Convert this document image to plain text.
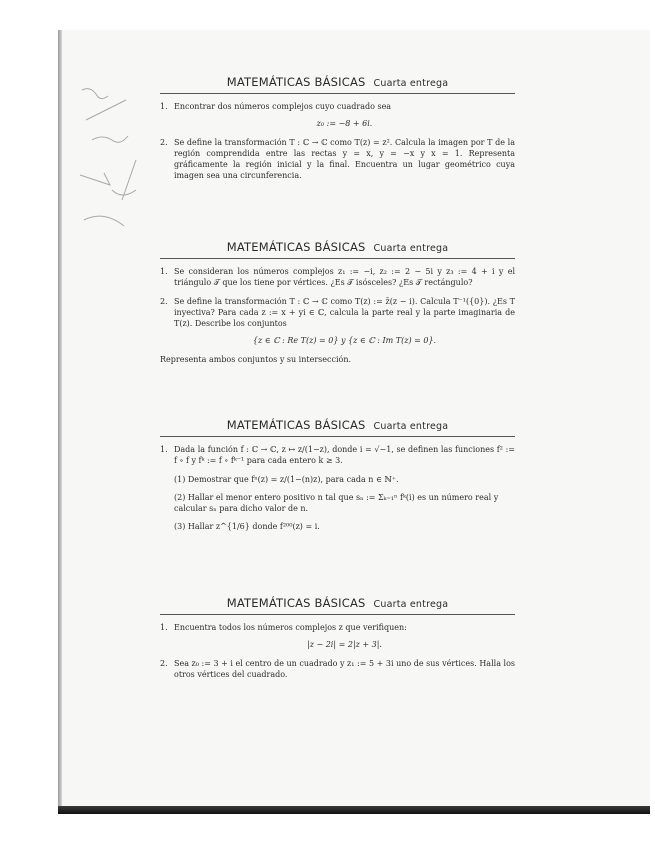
MATEMÁTICAS BÁSICAS Cuarta entrega
1. Encontrar dos números complejos cuyo cuadrado sea
z₀ := −8 + 6i.
2. Se define la transformación T : ℂ → ℂ como T(z) = z². Calcula la imagen por T de la región comprendida entre las rectas y = x, y = −x y x = 1. Representa gráficamente la región inicial y la final. Encuentra un lugar geométrico cuya imagen sea una circunferencia.
MATEMÁTICAS BÁSICAS Cuarta entrega
1. Se consideran los números complejos z₁ := −i, z₂ := 2 − 5i y z₃ := 4 + i y el triángulo 𝒯 que los tiene por vértices. ¿Es 𝒯 isósceles? ¿Es 𝒯 rectángulo?
2. Se define la transformación T : ℂ → ℂ como T(z) := z̄(z − i). Calcula T⁻¹({0}). ¿Es T inyectiva? Para cada z := x + yi ∈ ℂ, calcula la parte real y la parte imaginaria de T(z). Describe los conjuntos
{z ∈ ℂ : Re T(z) = 0} y {z ∈ ℂ : Im T(z) = 0}.
Representa ambos conjuntos y su intersección.
MATEMÁTICAS BÁSICAS Cuarta entrega
1. Dada la función f : ℂ → ℂ, z ↦ z/(1−z), donde i = √−1, se definen las funciones f² := f ∘ f y fᵏ := f ∘ fᵏ⁻¹ para cada entero k ≥ 3.
(1) Demostrar que fⁿ(z) = z/(1−(n)z), para cada n ∈ ℕ⁺.
(2) Hallar el menor entero positivo n tal que sₙ := Σₖ₌₁ⁿ fᵏ(i) es un número real y calcular sₙ para dicho valor de n.
(3) Hallar z^{1/6} donde f²⁰⁰(z) = i.
MATEMÁTICAS BÁSICAS Cuarta entrega
1. Encuentra todos los números complejos z que verifiquen:
|z − 2i| = 2|z + 3|.
2. Sea z₀ := 3 + i el centro de un cuadrado y z₁ := 5 + 3i uno de sus vértices. Halla los otros vértices del cuadrado.
